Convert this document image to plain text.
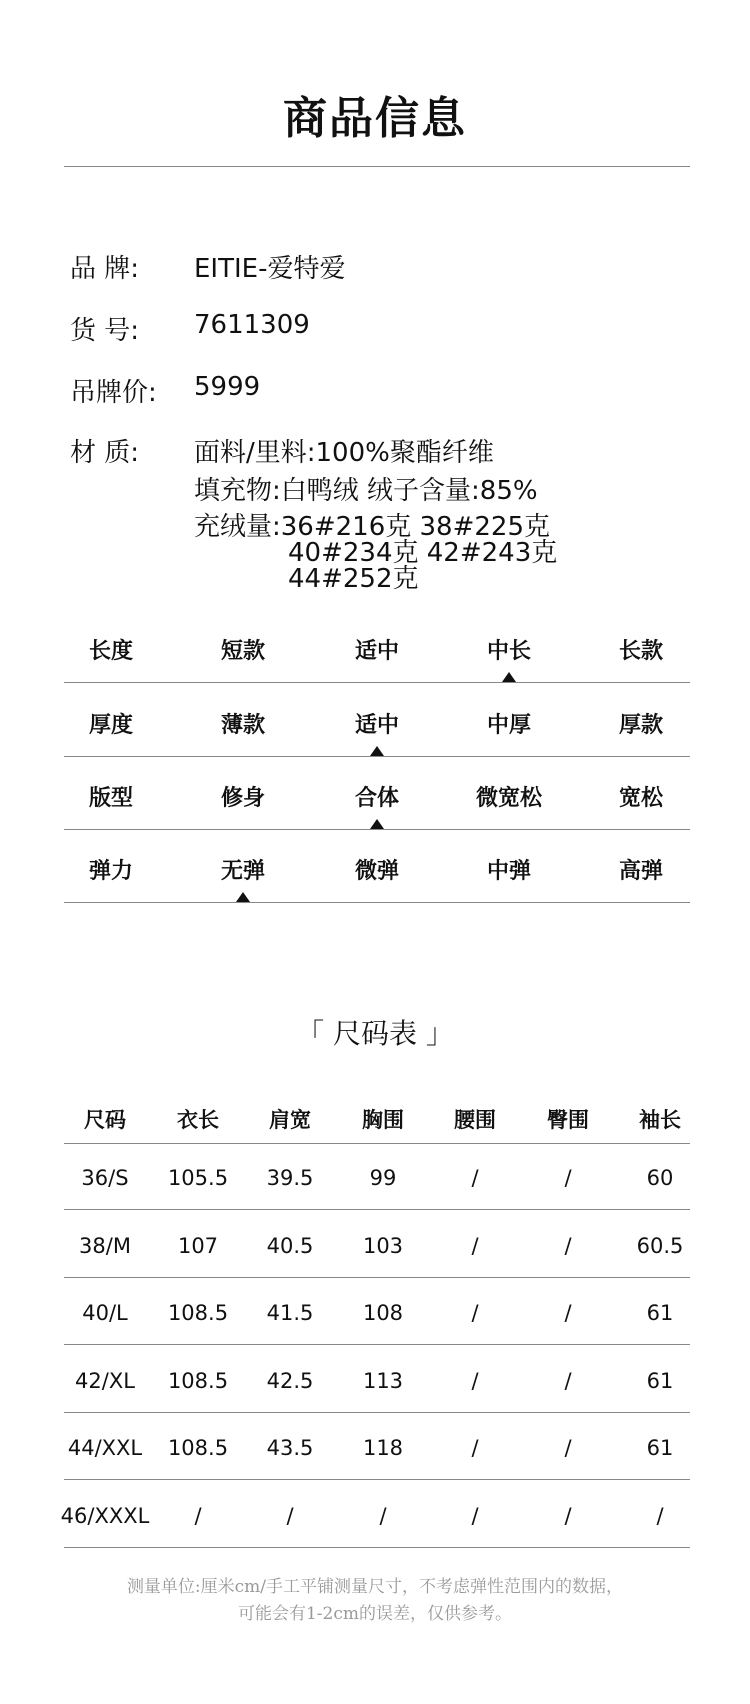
商品信息
品 牌: EITIE-爱特爱
货 号: 7611309
吊牌价: 5999
材 质: 面料/里料:100%聚酯纤维
填充物:白鸭绒 绒子含量:85%
充绒量:36#216克 38#225克
40#234克 42#243克
44#252克
长度	短款	适中	中长	长款
厚度	薄款	适中	中厚	厚款
版型	修身	合体	微宽松	宽松
弹力	无弹	微弹	中弹	高弹
「 尺码表 」
尺码	衣长	肩宽	胸围	腰围	臀围	袖长
36/S	105.5	39.5	99	/	/	60
38/M	107	40.5	103	/	/	60.5
40/L	108.5	41.5	108	/	/	61
42/XL	108.5	42.5	113	/	/	61
44/XXL	108.5	43.5	118	/	/	61
46/XXXL	/	/	/	/	/	/
测量单位:厘米cm/手工平铺测量尺寸，不考虑弹性范围内的数据，
可能会有1-2cm的误差，仅供参考。
